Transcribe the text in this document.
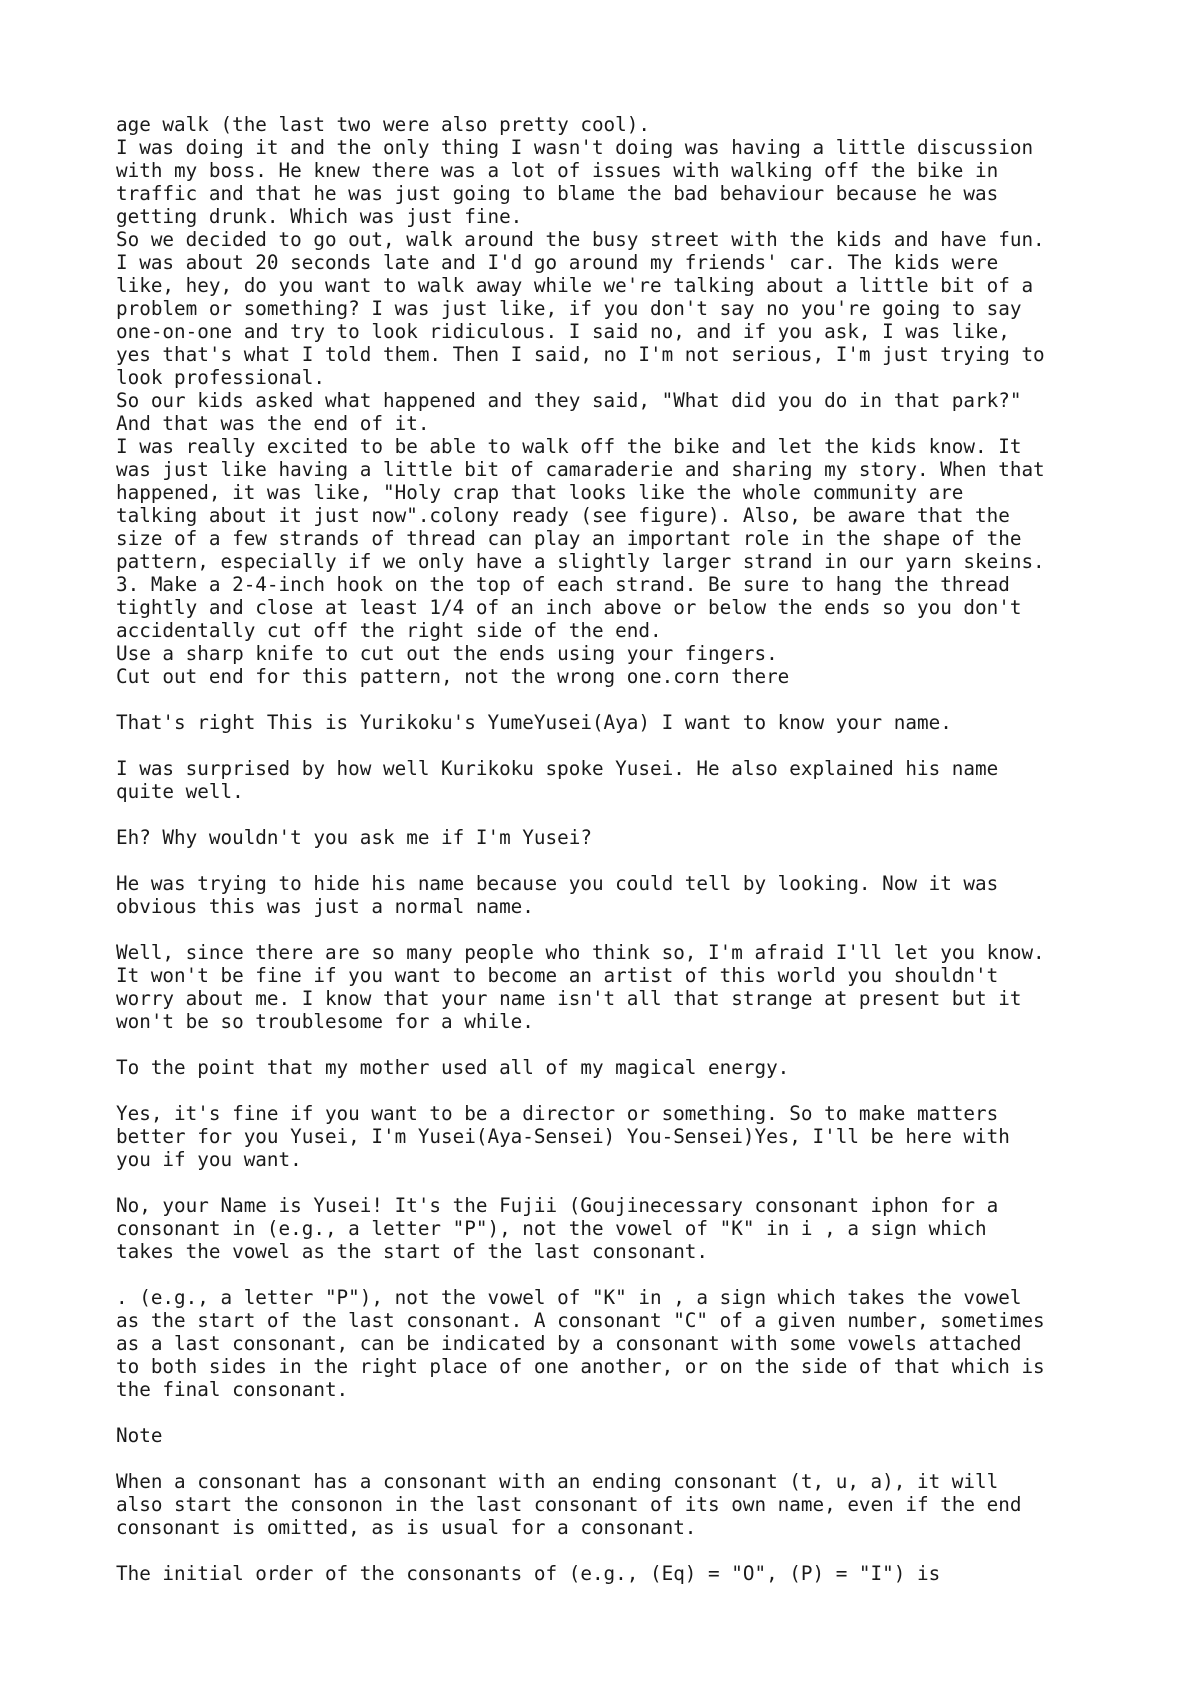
age walk (the last two were also pretty cool).
I was doing it and the only thing I wasn't doing was having a little discussion
with my boss. He knew there was a lot of issues with walking off the bike in
traffic and that he was just going to blame the bad behaviour because he was
getting drunk. Which was just fine.
So we decided to go out, walk around the busy street with the kids and have fun.
I was about 20 seconds late and I'd go around my friends' car. The kids were
like, hey, do you want to walk away while we're talking about a little bit of a
problem or something? I was just like, if you don't say no you're going to say
one-on-one and try to look ridiculous. I said no, and if you ask, I was like,
yes that's what I told them. Then I said, no I'm not serious, I'm just trying to
look professional.
So our kids asked what happened and they said, "What did you do in that park?"
And that was the end of it.
I was really excited to be able to walk off the bike and let the kids know. It
was just like having a little bit of camaraderie and sharing my story. When that
happened, it was like, "Holy crap that looks like the whole community are
talking about it just now".colony ready (see figure). Also, be aware that the
size of a few strands of thread can play an important role in the shape of the
pattern, especially if we only have a slightly larger strand in our yarn skeins.
3. Make a 2-4-inch hook on the top of each strand. Be sure to hang the thread
tightly and close at least 1/4 of an inch above or below the ends so you don't
accidentally cut off the right side of the end.
Use a sharp knife to cut out the ends using your fingers.
Cut out end for this pattern, not the wrong one.corn there
That's right This is Yurikoku's YumeYusei(Aya) I want to know your name.
I was surprised by how well Kurikoku spoke Yusei. He also explained his name
quite well.
Eh? Why wouldn't you ask me if I'm Yusei?
He was trying to hide his name because you could tell by looking. Now it was
obvious this was just a normal name.
Well, since there are so many people who think so, I'm afraid I'll let you know.
It won't be fine if you want to become an artist of this world you shouldn't
worry about me. I know that your name isn't all that strange at present but it
won't be so troublesome for a while.
To the point that my mother used all of my magical energy.
Yes, it's fine if you want to be a director or something. So to make matters
better for you Yusei, I'm Yusei(Aya-Sensei) You-Sensei)Yes, I'll be here with
you if you want.
No, your Name is Yusei! It's the Fujii (Goujinecessary consonant iphon for a
consonant in (e.g., a letter "P"), not the vowel of "K" in i , a sign which
takes the vowel as the start of the last consonant.
. (e.g., a letter "P"), not the vowel of "K" in , a sign which takes the vowel
as the start of the last consonant. A consonant "C" of a given number, sometimes
as a last consonant, can be indicated by a consonant with some vowels attached
to both sides in the right place of one another, or on the side of that which is
the final consonant.
Note
When a consonant has a consonant with an ending consonant (t, u, a), it will
also start the consonon in the last consonant of its own name, even if the end
consonant is omitted, as is usual for a consonant.
The initial order of the consonants of (e.g., (Eq) = "O", (P) = "I") is
